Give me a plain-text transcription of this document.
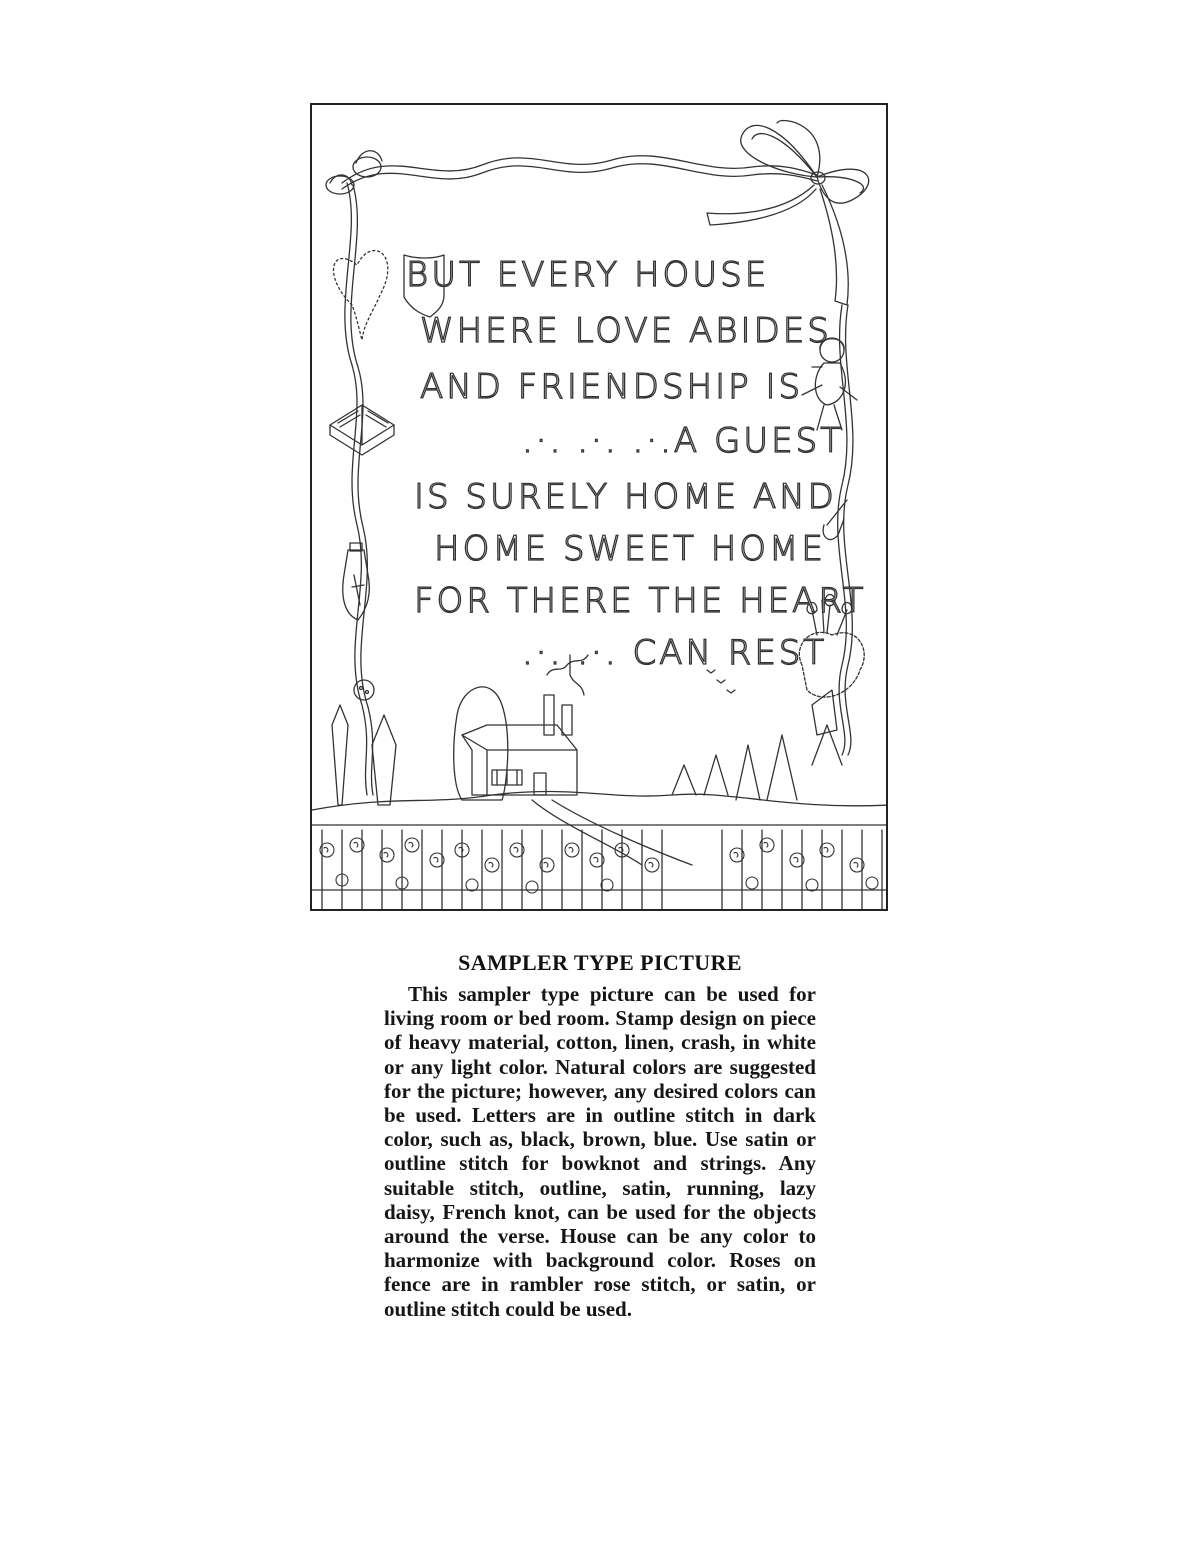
BUT EVERY HOUSE
WHERE LOVE ABIDES
AND FRIENDSHIP IS
.·. .·. .·.A GUEST
IS SURELY HOME AND
HOME SWEET HOME
FOR THERE THE HEART
.·. .·. CAN REST
SAMPLER TYPE PICTURE

This sampler type picture can be used for living room or bed room. Stamp design on piece of heavy material, cotton, linen, crash, in white or any light color. Natural colors are suggested for the picture; however, any desired colors can be used. Letters are in outline stitch in dark color, such as, black, brown, blue. Use satin or outline stitch for bowknot and strings. Any suitable stitch, outline, satin, running, lazy daisy, French knot, can be used for the objects around the verse. House can be any color to harmonize with background color. Roses on fence are in rambler rose stitch, or satin, or outline stitch could be used.
